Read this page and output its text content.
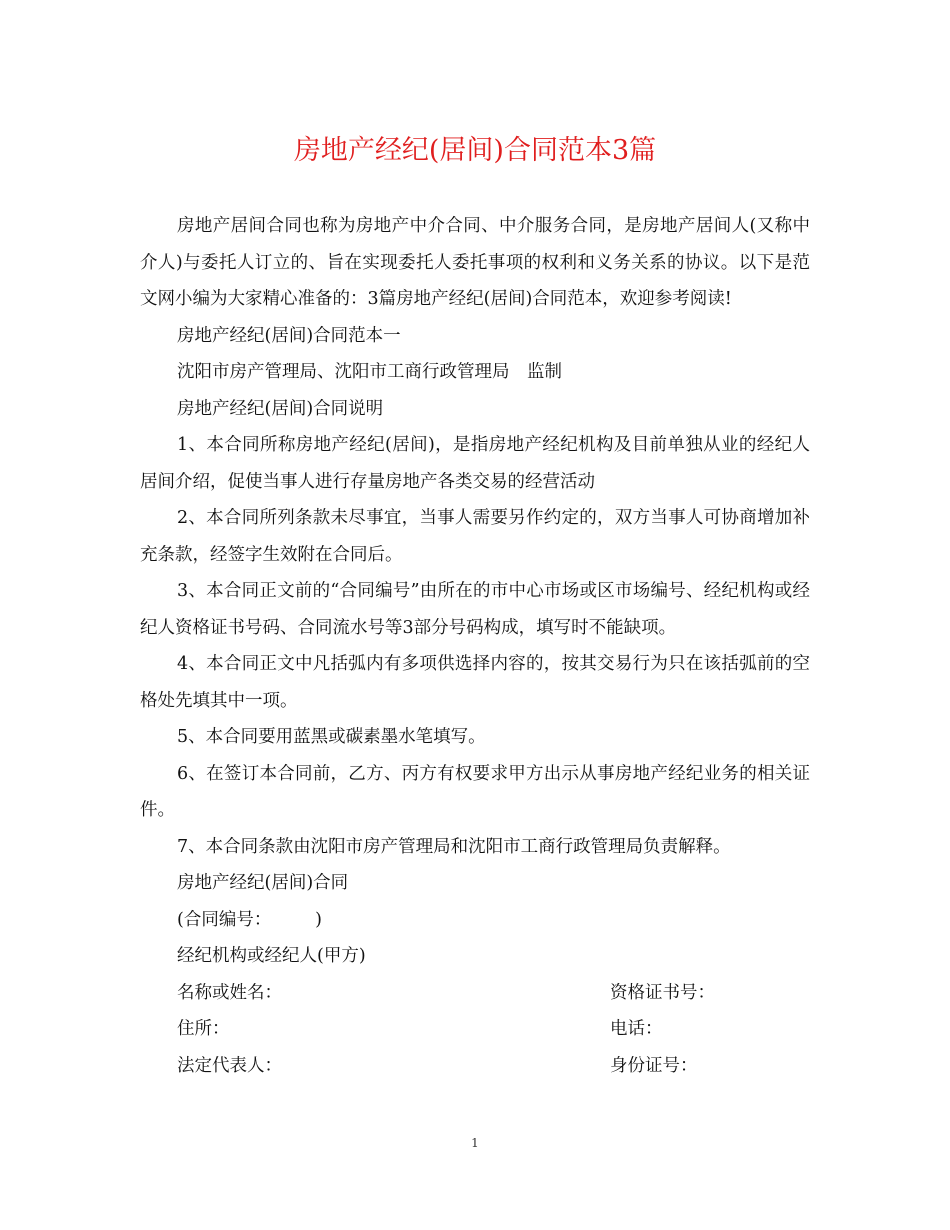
房地产经纪(居间)合同范本3篇

房地产居间合同也称为房地产中介合同、中介服务合同，是房地产居间人(又称中介人)与委托人订立的、旨在实现委托人委托事项的权利和义务关系的协议。以下是范文网小编为大家精心准备的：3篇房地产经纪(居间)合同范本，欢迎参考阅读!

房地产经纪(居间)合同范本一

沈阳市房产管理局、沈阳市工商行政管理局　监制

房地产经纪(居间)合同说明

1、本合同所称房地产经纪(居间)，是指房地产经纪机构及目前单独从业的经纪人居间介绍，促使当事人进行存量房地产各类交易的经营活动

2、本合同所列条款未尽事宜，当事人需要另作约定的，双方当事人可协商增加补充条款，经签字生效附在合同后。

3、本合同正文前的“合同编号”由所在的市中心市场或区市场编号、经纪机构或经纪人资格证书号码、合同流水号等3部分号码构成，填写时不能缺项。

4、本合同正文中凡括弧内有多项供选择内容的，按其交易行为只在该括弧前的空格处先填其中一项。

5、本合同要用蓝黑或碳素墨水笔填写。

6、在签订本合同前，乙方、丙方有权要求甲方出示从事房地产经纪业务的相关证件。

7、本合同条款由沈阳市房产管理局和沈阳市工商行政管理局负责解释。

房地产经纪(居间)合同

(合同编号：　　　)

经纪机构或经纪人(甲方)

名称或姓名：	资格证书号：
住所：	电话：
法定代表人：	身份证号：
1
